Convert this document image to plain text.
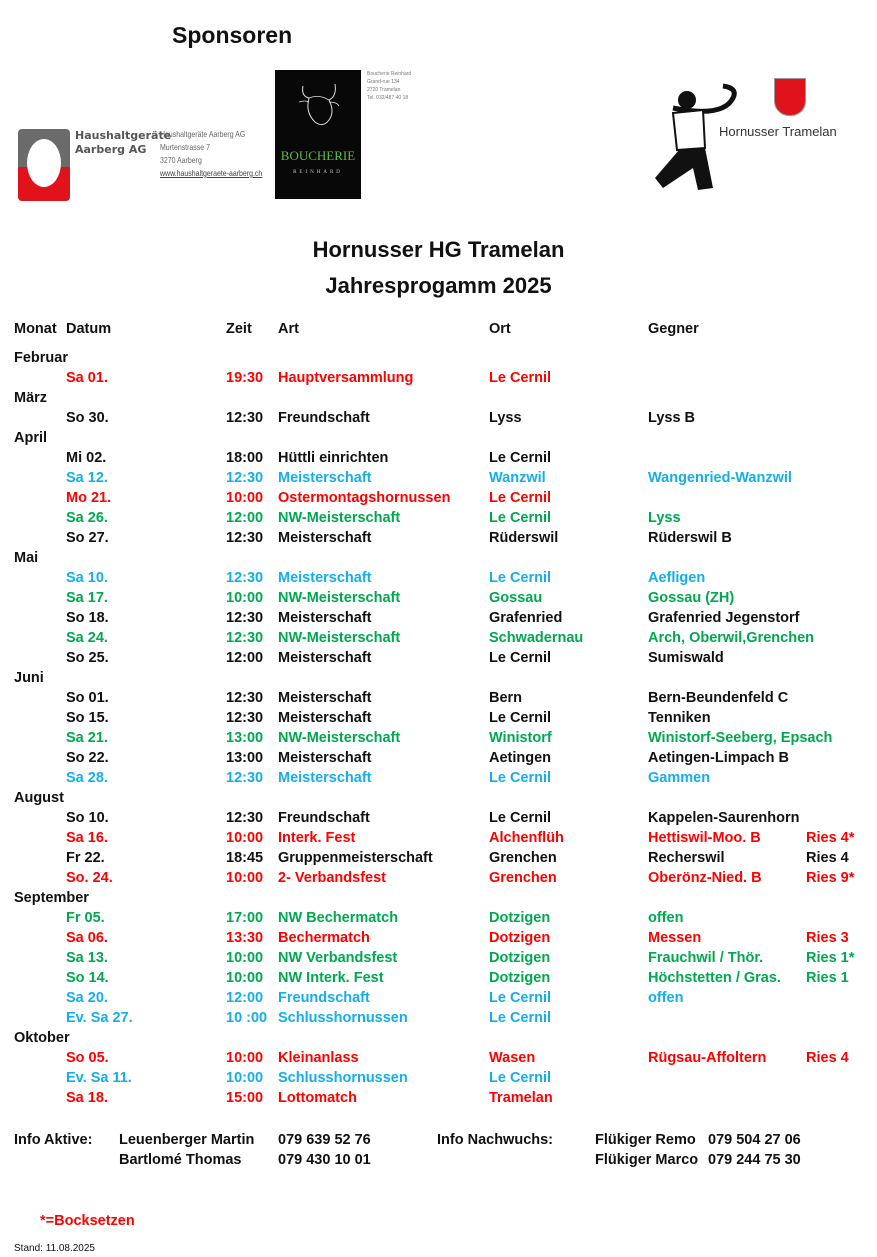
Sponsoren
Haushaltgeräte
Aarberg AG
Haushaltgeräte Aarberg AG
Murtenstrasse 7
3270 Aarberg
www.haushaltgeraete-aarberg.ch
BOUCHERIE
REINHARD
Boucherie Reinhard
Grand-rue 134
2720 Tramelan
Tel. 032/487 40 18
Hornusser Tramelan
Hornusser HG Tramelan
Jahresprogamm 2025
Monat Datum	Zeit Art	Ort	Gegner
Februar
Sa 01.	19:30 Hauptversammlung	Le Cernil
März
So 30.	12:30 Freundschaft	Lyss	Lyss B
April
Mi 02.	18:00 Hüttli einrichten	Le Cernil
Sa 12.	12:30 Meisterschaft	Wanzwil	Wangenried-Wanzwil
Mo 21.	10:00 Ostermontagshornussen	Le Cernil
Sa 26.	12:00 NW-Meisterschaft	Le Cernil	Lyss
So 27.	12:30 Meisterschaft	Rüderswil	Rüderswil B
Mai
Sa 10.	12:30 Meisterschaft	Le Cernil	Aefligen
Sa 17.	10:00 NW-Meisterschaft	Gossau	Gossau (ZH)
So 18.	12:30 Meisterschaft	Grafenried	Grafenried Jegenstorf
Sa 24.	12:30 NW-Meisterschaft	Schwadernau	Arch, Oberwil,Grenchen
So 25.	12:00 Meisterschaft	Le Cernil	Sumiswald
Juni
So 01.	12:30 Meisterschaft	Bern	Bern-Beundenfeld C
So 15.	12:30 Meisterschaft	Le Cernil	Tenniken
Sa 21.	13:00 NW-Meisterschaft	Winistorf	Winistorf-Seeberg, Epsach
So 22.	13:00 Meisterschaft	Aetingen	Aetingen-Limpach B
Sa 28.	12:30 Meisterschaft	Le Cernil	Gammen
August
So 10.	12:30 Freundschaft	Le Cernil	Kappelen-Saurenhorn
Sa 16.	10:00 Interk. Fest	Alchenflüh	Hettiswil-Moo. B	Ries 4*
Fr 22.	18:45 Gruppenmeisterschaft	Grenchen	Recherswil	Ries 4
So. 24.	10:00 2- Verbandsfest	Grenchen	Oberönz-Nied. B	Ries 9*
September
Fr 05.	17:00 NW Bechermatch	Dotzigen	offen
Sa 06.	13:30 Bechermatch	Dotzigen	Messen	Ries 3
Sa 13.	10:00 NW Verbandsfest	Dotzigen	Frauchwil / Thör.	Ries 1*
So 14.	10:00 NW Interk. Fest	Dotzigen	Höchstetten / Gras. Ries 1
Sa 20.	12:00 Freundschaft	Le Cernil	offen
Ev. Sa 27.	10 :00 Schlusshornussen	Le Cernil
Oktober
So 05.	10:00 Kleinanlass	Wasen	Rügsau-Affoltern	Ries 4
Ev. Sa 11.	10:00 Schlusshornussen	Le Cernil
Sa 18.	15:00 Lottomatch	Tramelan
Info Aktive: Leuenberger Martin 079 639 52 76	Info Nachwuchs:	Flükiger Remo 079 504 27 06
Bartlomé Thomas	079 430 10 01	Flükiger Marco 079 244 75 30
*=Bocksetzen
Stand: 11.08.2025
